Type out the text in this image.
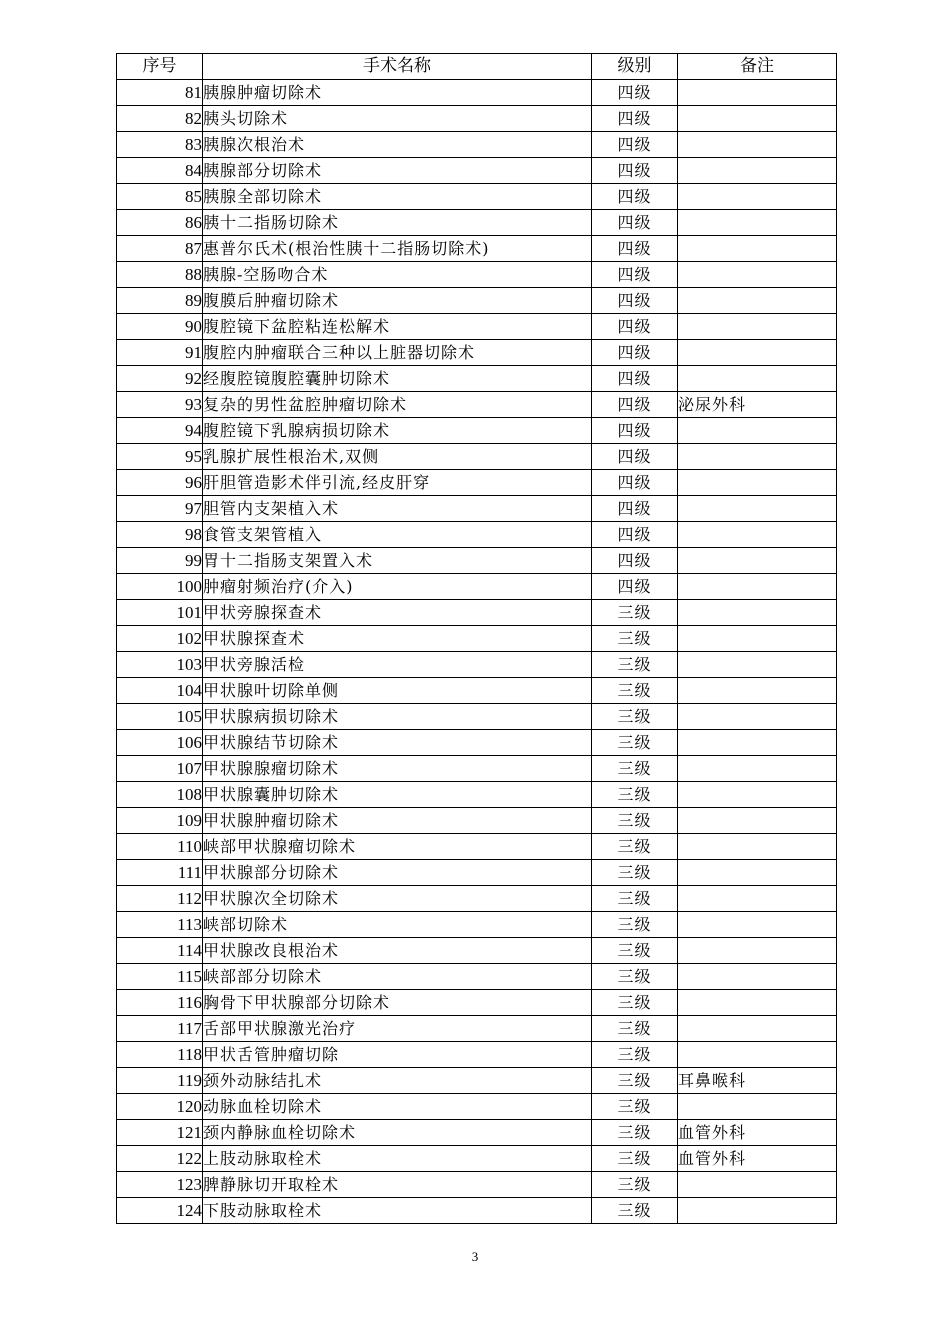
序号	手术名称	级别	备注
81	胰腺肿瘤切除术	四级	
82	胰头切除术	四级	
83	胰腺次根治术	四级	
84	胰腺部分切除术	四级	
85	胰腺全部切除术	四级	
86	胰十二指肠切除术	四级	
87	惠普尔氏术(根治性胰十二指肠切除术)	四级	
88	胰腺-空肠吻合术	四级	
89	腹膜后肿瘤切除术	四级	
90	腹腔镜下盆腔粘连松解术	四级	
91	腹腔内肿瘤联合三种以上脏器切除术	四级	
92	经腹腔镜腹腔囊肿切除术	四级	
93	复杂的男性盆腔肿瘤切除术	四级	泌尿外科
94	腹腔镜下乳腺病损切除术	四级	
95	乳腺扩展性根治术,双侧	四级	
96	肝胆管造影术伴引流,经皮肝穿	四级	
97	胆管内支架植入术	四级	
98	食管支架管植入	四级	
99	胃十二指肠支架置入术	四级	
100	肿瘤射频治疗(介入)	四级	
101	甲状旁腺探查术	三级	
102	甲状腺探查术	三级	
103	甲状旁腺活检	三级	
104	甲状腺叶切除单侧	三级	
105	甲状腺病损切除术	三级	
106	甲状腺结节切除术	三级	
107	甲状腺腺瘤切除术	三级	
108	甲状腺囊肿切除术	三级	
109	甲状腺肿瘤切除术	三级	
110	峡部甲状腺瘤切除术	三级	
111	甲状腺部分切除术	三级	
112	甲状腺次全切除术	三级	
113	峡部切除术	三级	
114	甲状腺改良根治术	三级	
115	峡部部分切除术	三级	
116	胸骨下甲状腺部分切除术	三级	
117	舌部甲状腺激光治疗	三级	
118	甲状舌管肿瘤切除	三级	
119	颈外动脉结扎术	三级	耳鼻喉科
120	动脉血栓切除术	三级	
121	颈内静脉血栓切除术	三级	血管外科
122	上肢动脉取栓术	三级	血管外科
123	脾静脉切开取栓术	三级	
124	下肢动脉取栓术	三级	
3
